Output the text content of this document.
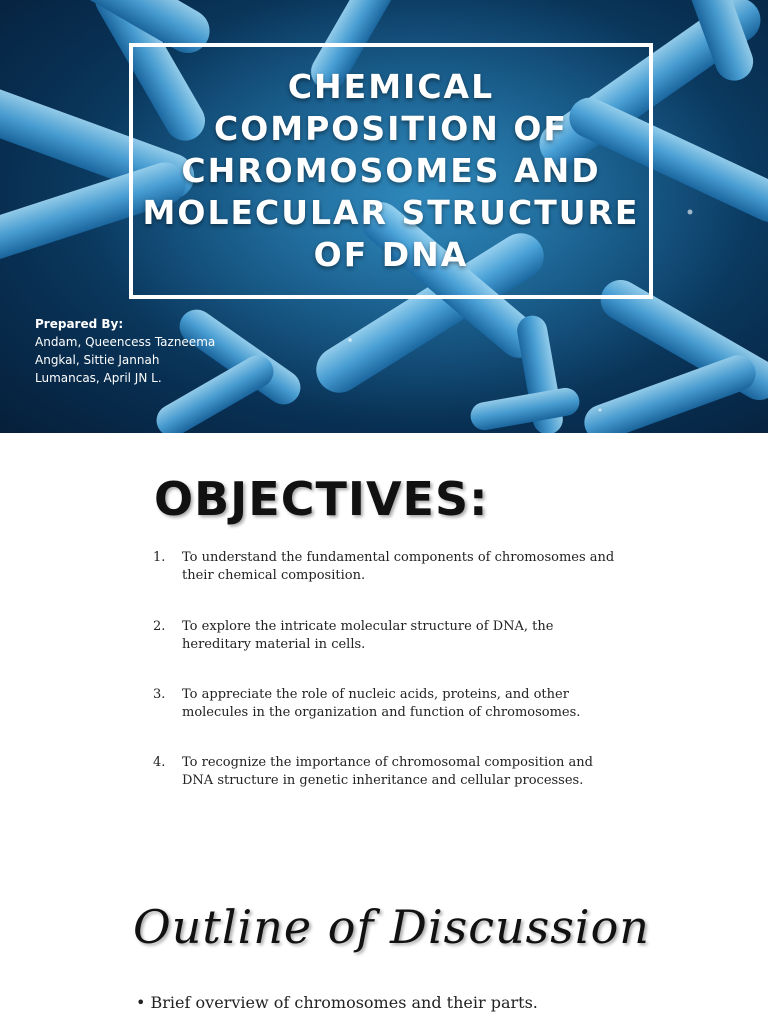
CHEMICAL COMPOSITION OF CHROMOSOMES AND MOLECULAR STRUCTURE OF DNA
Prepared By:
Andam, Queencess Tazneema
Angkal, Sittie Jannah
Lumancas, April JN L.
OBJECTIVES:
1. To understand the fundamental components of chromosomes and their chemical composition.
2. To explore the intricate molecular structure of DNA, the hereditary material in cells.
3. To appreciate the role of nucleic acids, proteins, and other molecules in the organization and function of chromosomes.
4. To recognize the importance of chromosomal composition and DNA structure in genetic inheritance and cellular processes.
Outline of Discussion
• Brief overview of chromosomes and their parts.
